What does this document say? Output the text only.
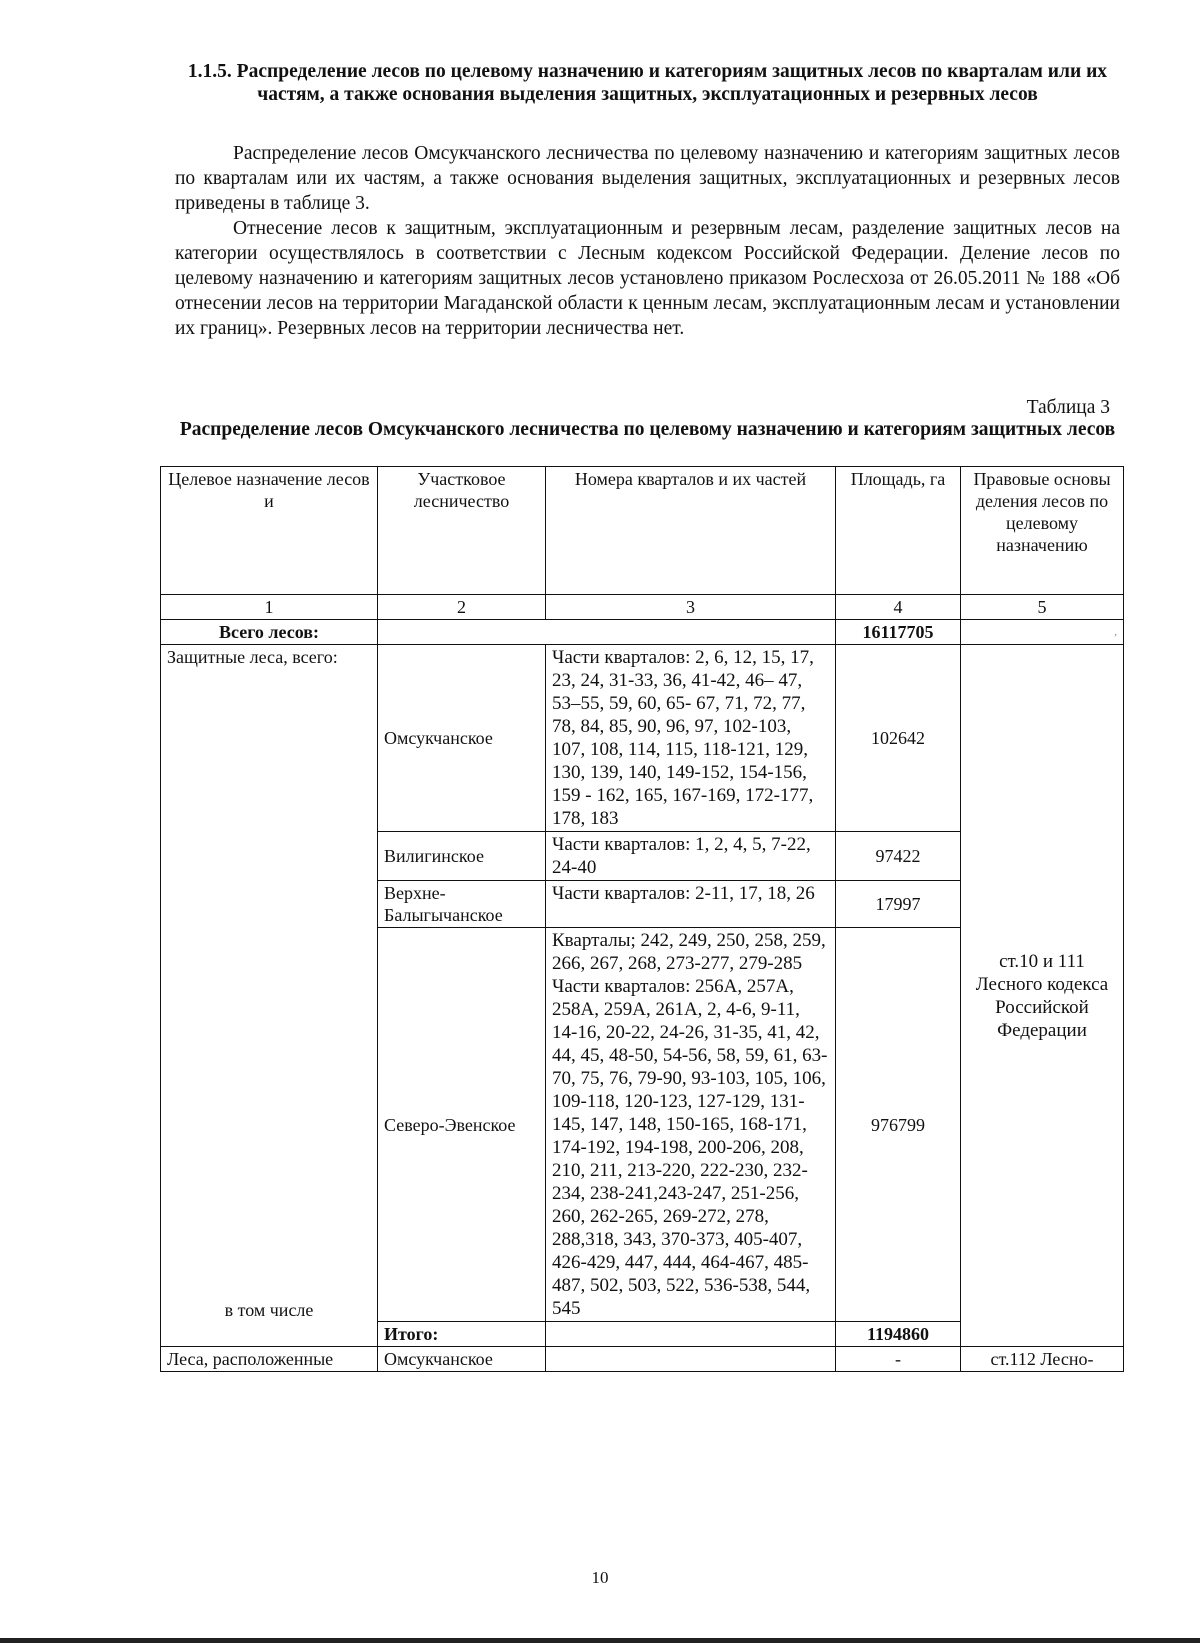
1.1.5. Распределение лесов по целевому назначению и категориям защитных лесов по кварталам или их частям, а также основания выделения защитных, эксплуатационных и резервных лесов

Распределение лесов Омсукчанского лесничества по целевому назначению и категориям защитных лесов по кварталам или их частям, а также основания выделения защитных, эксплуатационных и резервных лесов приведены в таблице 3.

Отнесение лесов к защитным, эксплуатационным и резервным лесам, разделение защитных лесов на категории осуществлялось в соответствии с Лесным кодексом Российской Федерации. Деление лесов по целевому назначению и категориям защитных лесов установлено приказом Рослесхоза от 26.05.2011 № 188 «Об отнесении лесов на территории Магаданской области к ценным лесам, эксплуатационным лесам и установлении их границ». Резервных лесов на территории лесничества нет.

Таблица 3
Распределение лесов Омсукчанского лесничества по целевому назначению и категориям защитных лесов
Целевое назначение лесов и	Участковое лесничество	Номера кварталов и их частей	Площадь, га	Правовые основы деления лесов по целевому назначению
1	2	3	4	5
Всего лесов:			16117705	,
Защитные леса, всего:	Омсукчанское	Части кварталов: 2, 6, 12, 15, 17, 23, 24, 31-33, 36, 41-42, 46– 47, 53–55, 59, 60, 65- 67, 71, 72, 77, 78, 84, 85, 90, 96, 97, 102-103, 107, 108, 114, 115, 118-121, 129, 130, 139, 140, 149-152, 154-156, 159 - 162, 165, 167-169, 172-177, 178, 183	102642	ст.10 и 111 Лесного кодекса Российской Федерации
	Вилигинское	Части кварталов: 1, 2, 4, 5, 7-22, 24-40	97422	
	Верхне-Балыгычанское	Части кварталов: 2-11, 17, 18, 26	17997	
в том числе	Северо-Эвенское	Кварталы; 242, 249, 250, 258, 259, 266, 267, 268, 273-277, 279-285
Части кварталов: 256А, 257А, 258А, 259А, 261А, 2, 4-6, 9-11, 14-16, 20-22, 24-26, 31-35, 41, 42, 44, 45, 48-50, 54-56, 58, 59, 61, 63-70, 75, 76, 79-90, 93-103, 105, 106, 109-118, 120-123, 127-129, 131-145, 147, 148, 150-165, 168-171, 174-192, 194-198, 200-206, 208, 210, 211, 213-220, 222-230, 232-234, 238-241,243-247, 251-256, 260, 262-265, 269-272, 278, 288,318, 343, 370-373, 405-407, 426-429, 447, 444, 464-467, 485-487, 502, 503, 522, 536-538, 544, 545	976799	
	Итого:		1194860	
Леса, расположенные	Омсукчанское		-	ст.112 Лесно-
10
